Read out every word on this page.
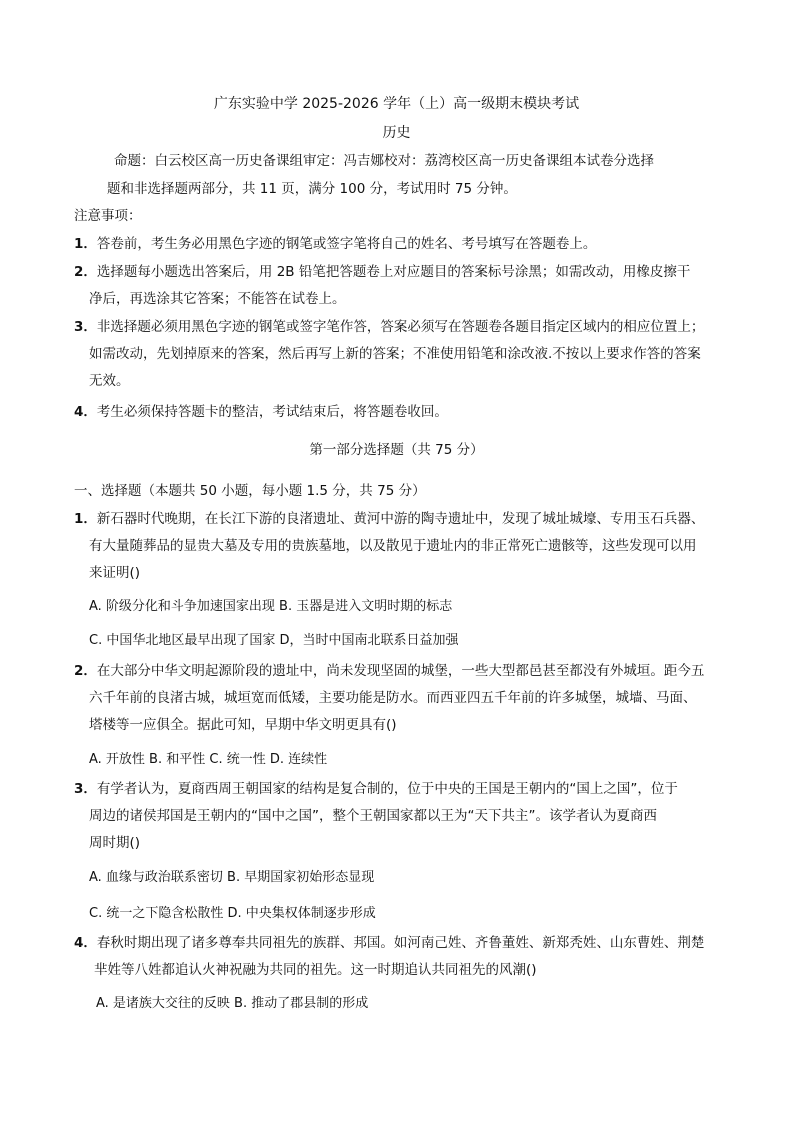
广东实验中学 2025-2026 学年（上）高一级期末模块考试
历史
命题：白云校区高一历史备课组审定：冯吉娜校对：荔湾校区高一历史备课组本试卷分选择
题和非选择题两部分，共 11 页，满分 100 分，考试用时 75 分钟。
注意事项：
1．答卷前，考生务必用黑色字迹的钢笔或签字笔将自己的姓名、考号填写在答题卷上。
2．选择题每小题选出答案后，用 2B 铅笔把答题卷上对应题目的答案标号涂黑；如需改动，用橡皮擦干
净后，再选涂其它答案；不能答在试卷上。
3．非选择题必须用黑色字迹的钢笔或签字笔作答，答案必须写在答题卷各题目指定区域内的相应位置上；
如需改动，先划掉原来的答案，然后再写上新的答案；不准使用铅笔和涂改液.不按以上要求作答的答案
无效。
4．考生必须保持答题卡的整洁，考试结束后，将答题卷收回。
第一部分选择题（共 75 分）
一、选择题（本题共 50 小题，每小题 1.5 分，共 75 分）
1．新石器时代晚期，在长江下游的良渚遗址、黄河中游的陶寺遗址中，发现了城址城壕、专用玉石兵器、
有大量随葬品的显贵大墓及专用的贵族墓地，以及散见于遗址内的非正常死亡遗骸等，这些发现可以用
来证明()
A. 阶级分化和斗争加速国家出现 B. 玉器是进入文明时期的标志
C. 中国华北地区最早出现了国家 D，当时中国南北联系日益加强
2．在大部分中华文明起源阶段的遗址中，尚未发现坚固的城堡，一些大型都邑甚至都没有外城垣。距今五
六千年前的良渚古城，城垣宽而低矮，主要功能是防水。而西亚四五千年前的许多城堡，城墙、马面、
塔楼等一应俱全。据此可知，早期中华文明更具有()
A. 开放性 B. 和平性 C. 统一性 D. 连续性
3．有学者认为，夏商西周王朝国家的结构是复合制的，位于中央的王国是王朝内的“国上之国”，位于
周边的诸侯邦国是王朝内的“国中之国”，整个王朝国家都以王为“天下共主”。该学者认为夏商西
周时期()
A. 血缘与政治联系密切 B. 早期国家初始形态显现
C. 统一之下隐含松散性 D. 中央集权体制逐步形成
4．春秋时期出现了诸多尊奉共同祖先的族群、邦国。如河南己姓、齐鲁董姓、新郑秃姓、山东曹姓、荆楚
芈姓等八姓都追认火神祝融为共同的祖先。这一时期追认共同祖先的风潮()
A. 是诸族大交往的反映 B. 推动了郡县制的形成
